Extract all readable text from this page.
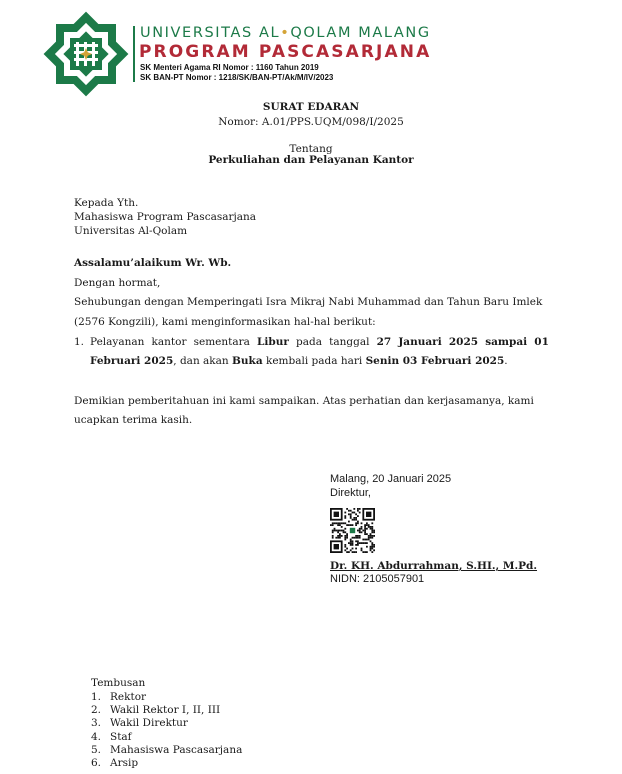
UNIVERSITAS AL•QOLAM MALANG
PROGRAM PASCASARJANA
SK Menteri Agama RI Nomor : 1160 Tahun 2019
SK BAN-PT Nomor : 1218/SK/BAN-PT/Ak/M/IV/2023
SURAT EDARAN
Nomor: A.01/PPS.UQM/098/I/2025
Tentang
Perkuliahan dan Pelayanan Kantor
Kepada Yth.
Mahasiswa Program Pascasarjana
Universitas Al-Qolam
Assalamu’alaikum Wr. Wb.
Dengan hormat,
Sehubungan dengan Memperingati Isra Mikraj Nabi Muhammad dan Tahun Baru Imlek
(2576 Kongzili), kami menginformasikan hal-hal berikut:
1. Pelayanan kantor sementara Libur pada tanggal 27 Januari 2025 sampai 01
Februari 2025, dan akan Buka kembali pada hari Senin 03 Februari 2025.
Demikian pemberitahuan ini kami sampaikan. Atas perhatian dan kerjasamanya, kami
ucapkan terima kasih.
Malang, 20 Januari 2025
Direktur,
Dr. KH. Abdurrahman, S.HI., M.Pd.
NIDN: 2105057901
Tembusan
1. Rektor
2. Wakil Rektor I, II, III
3. Wakil Direktur
4. Staf
5. Mahasiswa Pascasarjana
6. Arsip
